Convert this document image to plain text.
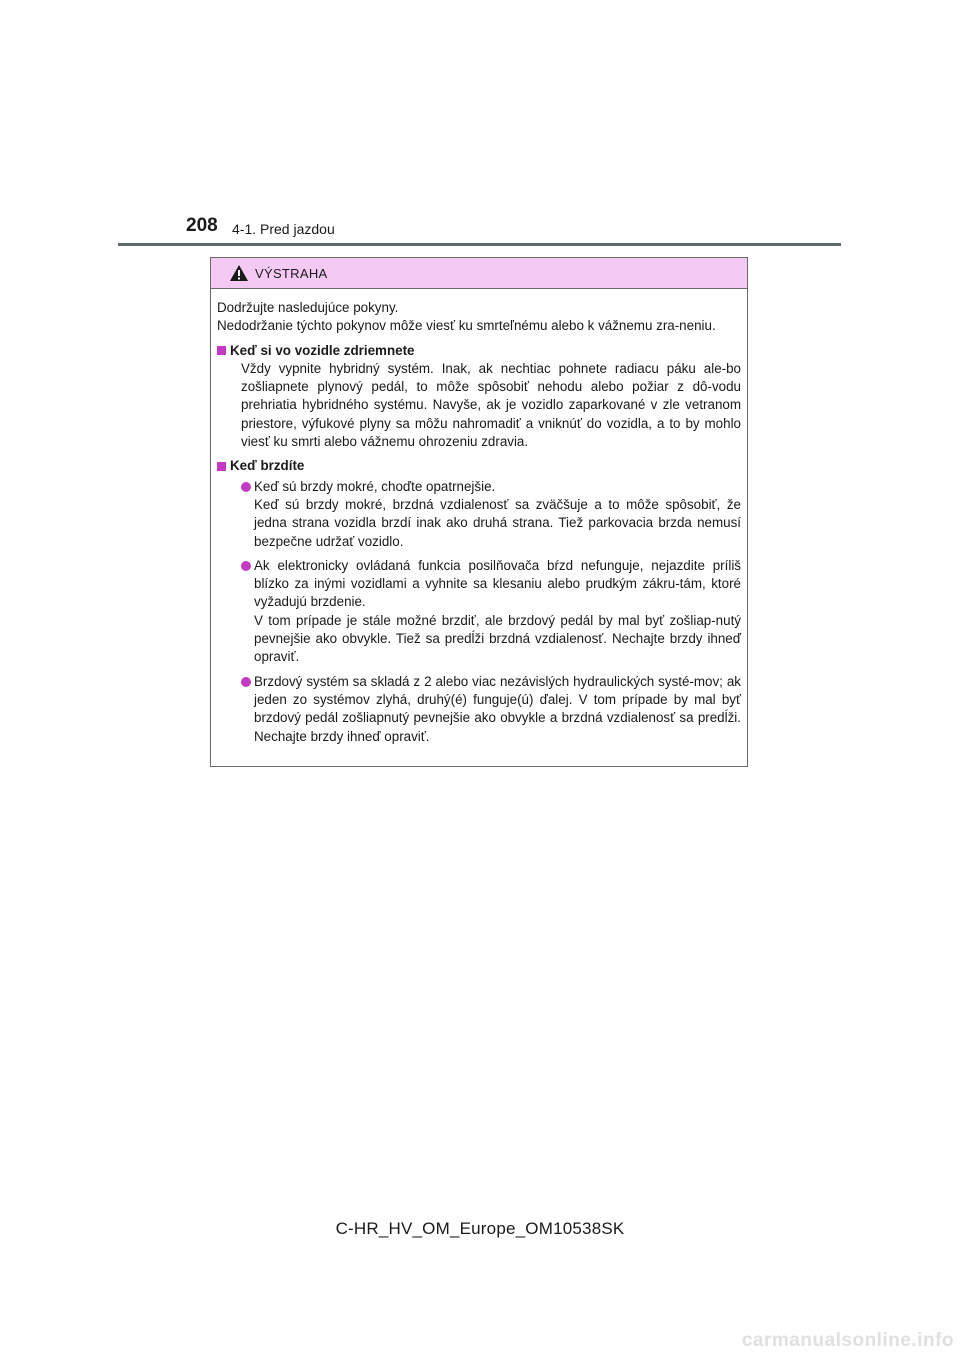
208 4-1. Pred jazdou
VÝSTRAHA

Dodržujte nasledujúce pokyny.

Nedodržanie týchto pokynov môže viesť ku smrteľnému alebo k vážnemu zra-neniu.

Keď si vo vozidle zdriemnete

Vždy vypnite hybridný systém. Inak, ak nechtiac pohnete radiacu páku ale-bo zošliapnete plynový pedál, to môže spôsobiť nehodu alebo požiar z dô-vodu prehriatia hybridného systému. Navyše, ak je vozidlo zaparkované v zle vetranom priestore, výfukové plyny sa môžu nahromadiť a vniknúť do vozidla, a to by mohlo viesť ku smrti alebo vážnemu ohrozeniu zdravia.

Keď brzdíte
Keď sú brzdy mokré, choďte opatrnejšie.
Keď sú brzdy mokré, brzdná vzdialenosť sa zväčšuje a to môže spôsobiť, že jedna strana vozidla brzdí inak ako druhá strana. Tiež parkovacia brzda nemusí bezpečne udržať vozidlo.
Ak elektronicky ovládaná funkcia posilňovača bŕzd nefunguje, nejazdite príliš blízko za inými vozidlami a vyhnite sa klesaniu alebo prudkým zákru-tám, ktoré vyžadujú brzdenie.
V tom prípade je stále možné brzdiť, ale brzdový pedál by mal byť zošliap-nutý pevnejšie ako obvykle. Tiež sa predĺži brzdná vzdialenosť. Nechajte brzdy ihneď opraviť.
Brzdový systém sa skladá z 2 alebo viac nezávislých hydraulických systé-mov; ak jeden zo systémov zlyhá, druhý(é) funguje(ú) ďalej. V tom prípade by mal byť brzdový pedál zošliapnutý pevnejšie ako obvykle a brzdná vzdialenosť sa predĺži. Nechajte brzdy ihneď opraviť.
C-HR_HV_OM_Europe_OM10538SK
carmanualsonline.info
